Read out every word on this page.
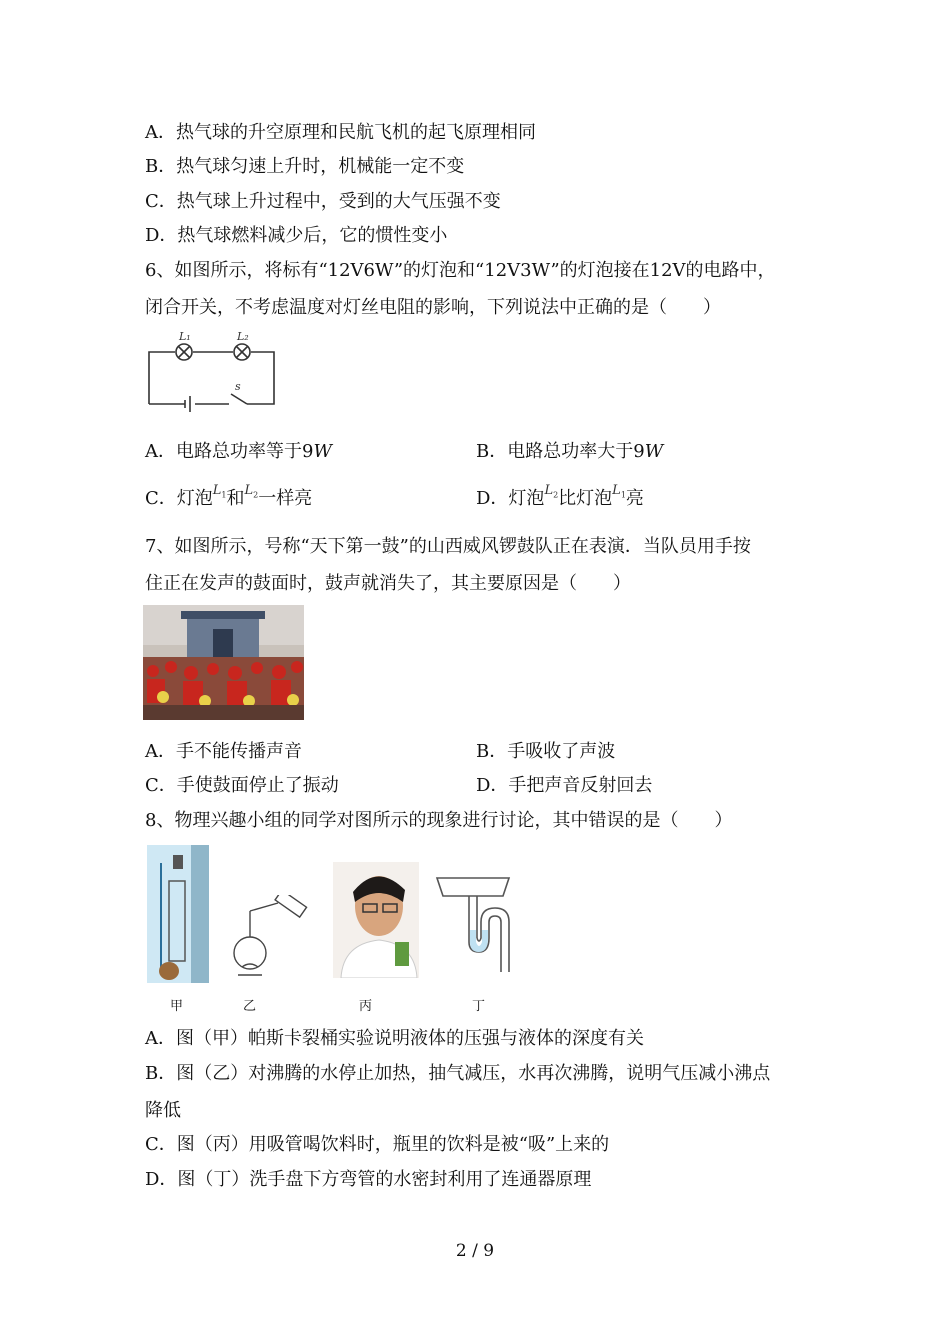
A．热气球的升空原理和民航飞机的起飞原理相同
B．热气球匀速上升时，机械能一定不变
C．热气球上升过程中，受到的大气压强不变
D．热气球燃料减少后，它的惯性变小
6、如图所示，将标有“12V6W”的灯泡和“12V3W”的灯泡接在12V的电路中，
闭合开关，不考虑温度对灯丝电阻的影响，下列说法中正确的是（　　）
L₁	L₂
s
A．电路总功率等于9W	B．电路总功率大于9W
C．灯泡$^{L_1}$和$^{L_2}$一样亮	D．灯泡$^{L_2}$比灯泡$^{L_1}$亮
7、如图所示，号称“天下第一鼓”的山西威风锣鼓队正在表演．当队员用手按
住正在发声的鼓面时，鼓声就消失了，其主要原因是（　　）
A．手不能传播声音	B．手吸收了声波
C．手使鼓面停止了振动	D．手把声音反射回去
8、物理兴趣小组的同学对图所示的现象进行讨论，其中错误的是（　　）
甲	乙	丙	丁
A．图（甲）帕斯卡裂桶实验说明液体的压强与液体的深度有关
B．图（乙）对沸腾的水停止加热，抽气减压，水再次沸腾，说明气压减小沸点
降低
C．图（丙）用吸管喝饮料时，瓶里的饮料是被“吸”上来的
D．图（丁）洗手盘下方弯管的水密封利用了连通器原理
2 / 9
